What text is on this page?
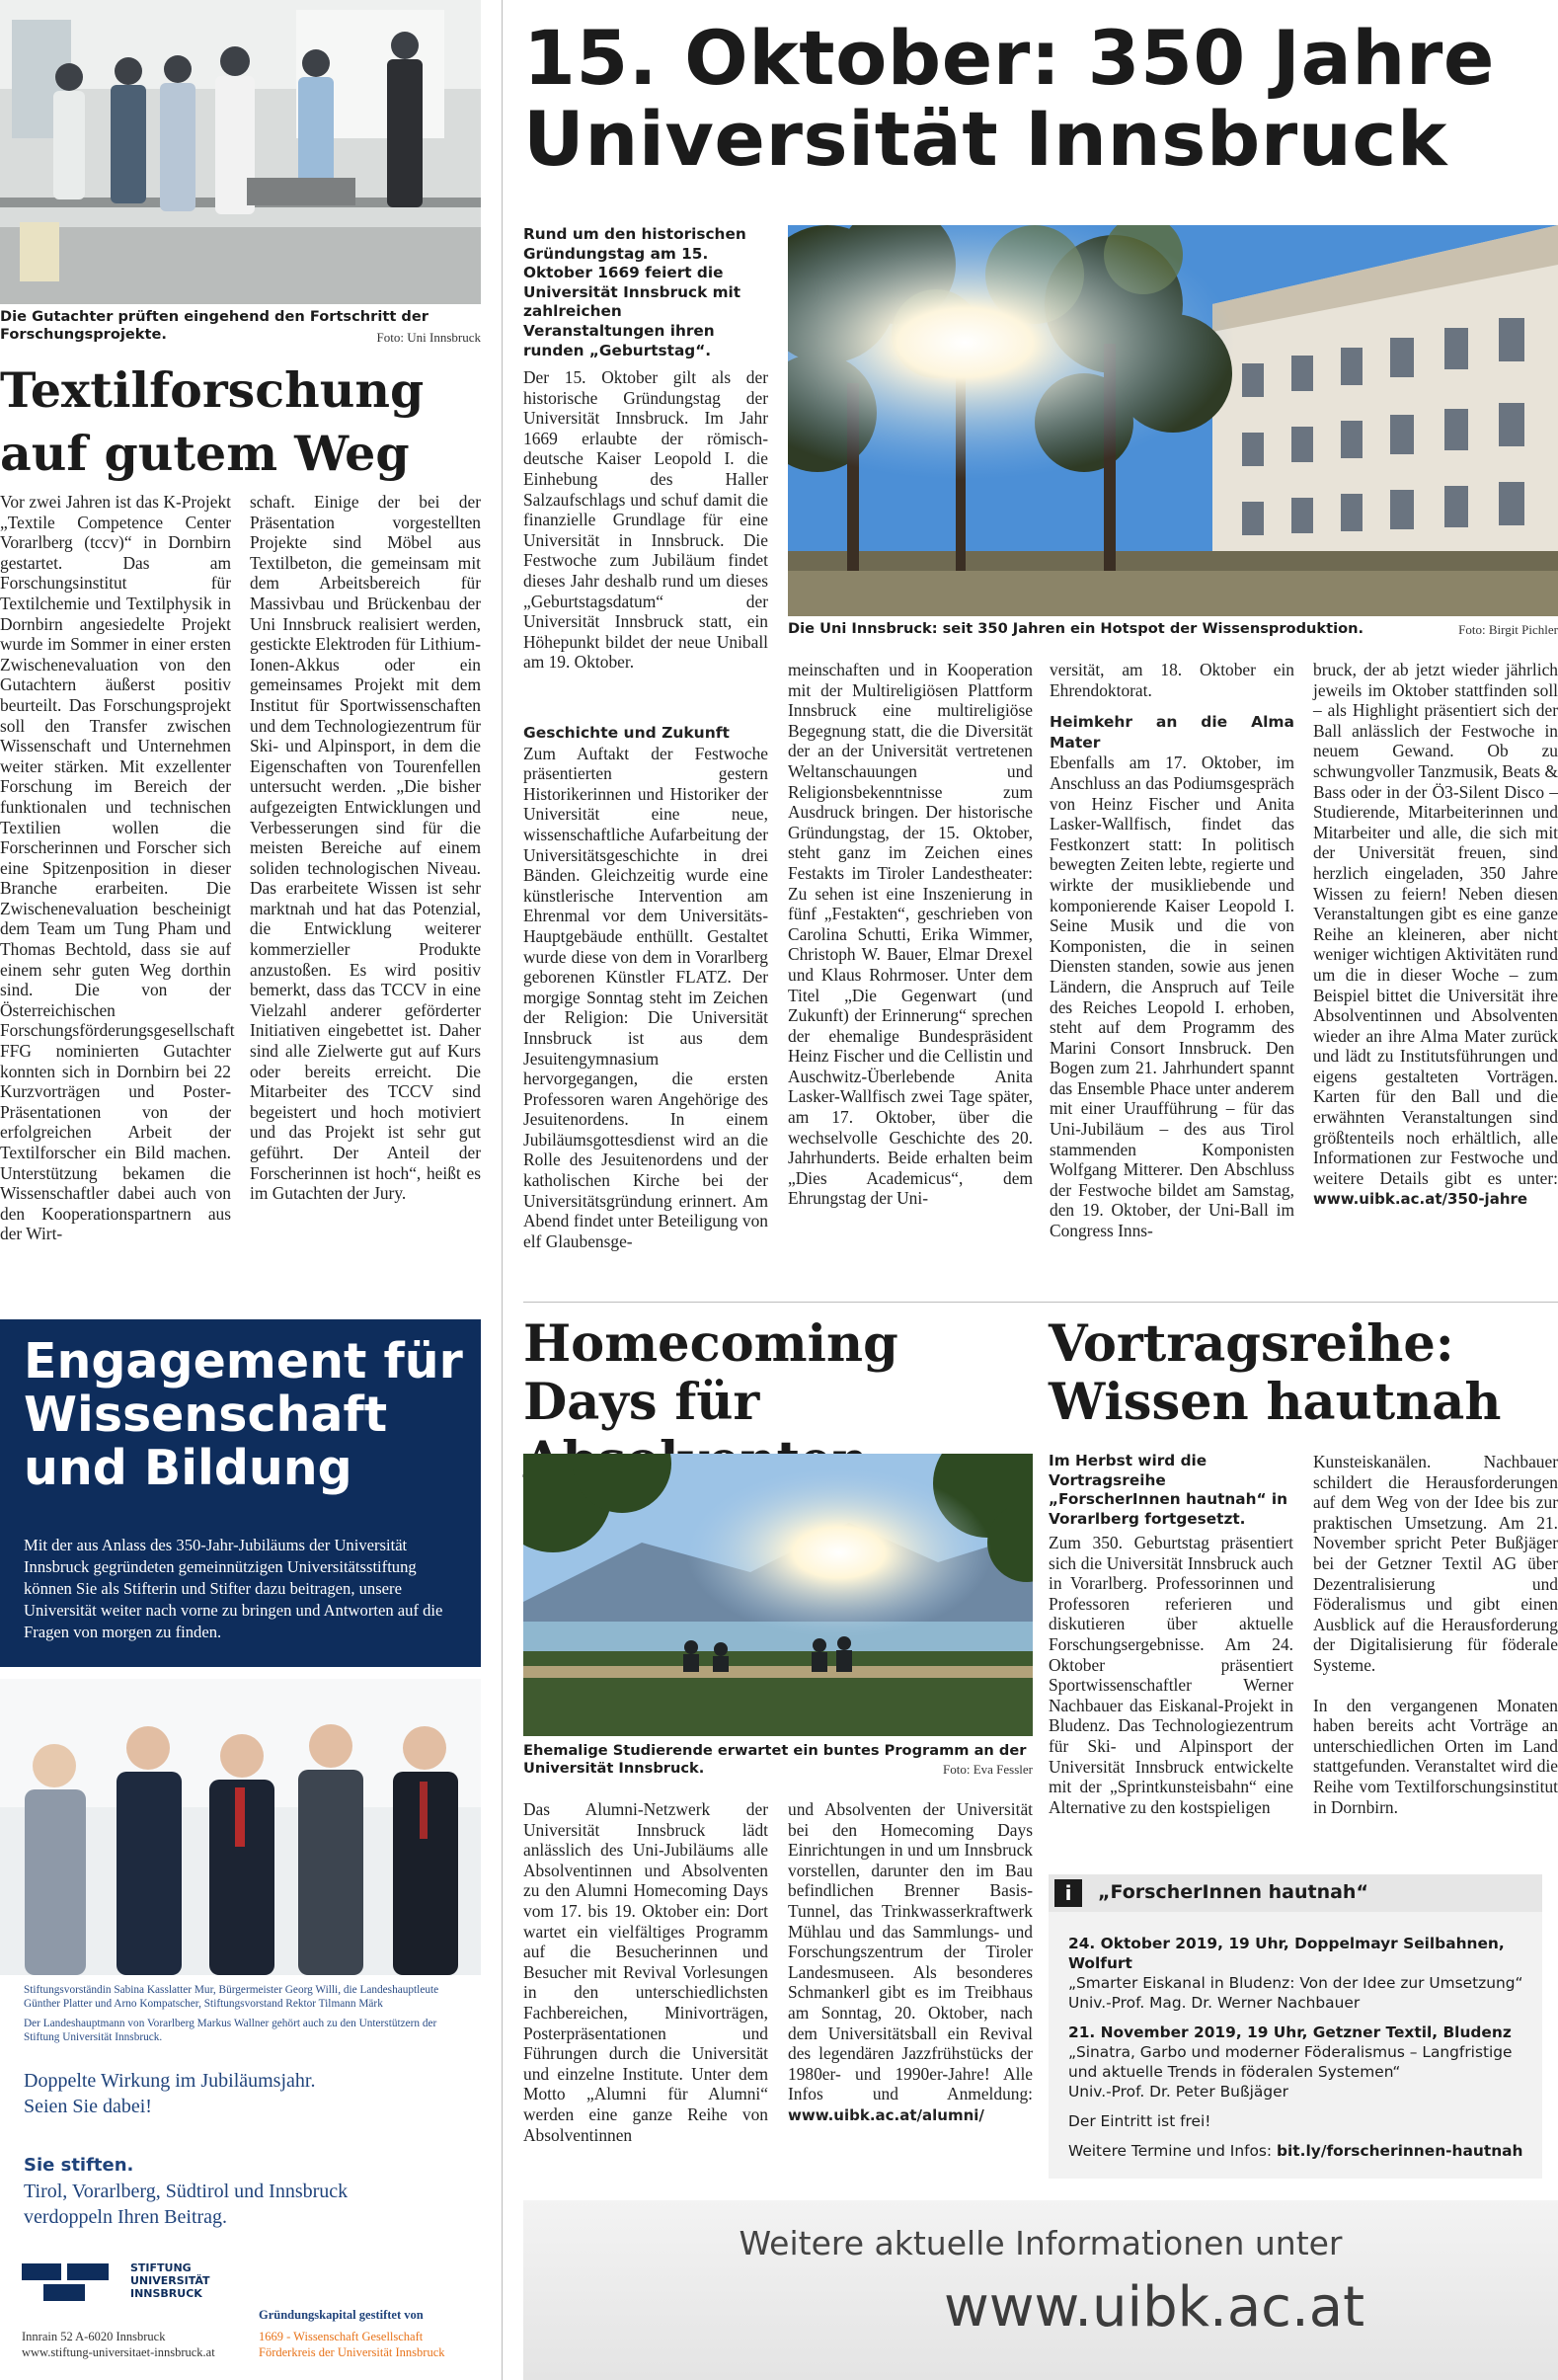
Die Gutachter prüften eingehend den Fortschritt der Forschungsprojekte.	Foto: Uni Innsbruck
Textilforschung auf gutem Weg

Vor zwei Jahren ist das K-Projekt „Textile Competence Center Vorarlberg (tccv)“ in Dornbirn gestartet. Das am Forschungsinstitut für Textilchemie und Textilphysik in Dornbirn angesiedelte Projekt wurde im Sommer in einer ersten Zwischenevaluation von den Gutachtern äußerst positiv beurteilt. Das Forschungsprojekt soll den Transfer zwischen Wissenschaft und Unternehmen weiter stärken. Mit exzellenter Forschung im Bereich der funktionalen und technischen Textilien wollen die Forscherinnen und Forscher sich eine Spitzenposition in dieser Branche erarbeiten. Die Zwischenevaluation bescheinigt dem Team um Tung Pham und Thomas Bechtold, dass sie auf einem sehr guten Weg dorthin sind. Die von der Österreichischen Forschungsförderungsgesellschaft FFG nominierten Gutachter konnten sich in Dornbirn bei 22 Kurzvorträgen und Poster-Präsentationen von der erfolgreichen Arbeit der Textilforscher ein Bild machen. Unterstützung bekamen die Wissenschaftler dabei auch von den Kooperationspartnern aus der Wirt-

schaft. Einige der bei der Präsentation vorgestellten Projekte sind Möbel aus Textilbeton, die gemeinsam mit dem Arbeitsbereich für Massivbau und Brückenbau der Uni Innsbruck realisiert werden, gestickte Elektroden für Lithium-Ionen-Akkus oder ein gemeinsames Projekt mit dem Institut für Sportwissenschaften und dem Technologiezentrum für Ski- und Alpinsport, in dem die Eigenschaften von Tourenfellen untersucht werden. „Die bisher aufgezeigten Entwicklungen und Verbesserungen sind für die meisten Bereiche auf einem soliden technologischen Niveau. Das erarbeitete Wissen ist sehr marktnah und hat das Potenzial, die Entwicklung weiterer kommerzieller Produkte anzustoßen. Es wird positiv bemerkt, dass das TCCV in eine Vielzahl anderer geförderter Initiativen eingebettet ist. Daher sind alle Zielwerte gut auf Kurs oder bereits erreicht. Die Mitarbeiter des TCCV sind begeistert und hoch motiviert und das Projekt ist sehr gut geführt. Der Anteil der Forscherinnen ist hoch“, heißt es im Gutachten der Jury.

15. Oktober: 350 Jahre Universität Innsbruck
Rund um den historischen Gründungstag am 15. Oktober 1669 feiert die Universität Innsbruck mit zahlreichen Veranstaltungen ihren runden „Geburtstag“.

Der 15. Oktober gilt als der historische Gründungstag der Universität Innsbruck. Im Jahr 1669 erlaubte der römisch-deutsche Kaiser Leopold I. die Einhebung des Haller Salzaufschlags und schuf damit die finanzielle Grundlage für eine Universität in Innsbruck. Die Festwoche zum Jubiläum findet dieses Jahr deshalb rund um dieses „Geburtstagsdatum“ der Universität Innsbruck statt, ein Höhepunkt bildet der neue Uniball am 19. Oktober.

Die Uni Innsbruck: seit 350 Jahren ein Hotspot der Wissensproduktion.	Foto: Birgit Pichler
Geschichte und Zukunft

Zum Auftakt der Festwoche präsentierten gestern Historikerinnen und Historiker der Universität eine neue, wissenschaftliche Aufarbeitung der Universitätsgeschichte in drei Bänden. Gleichzeitig wurde eine künstlerische Intervention am Ehrenmal vor dem Universitäts-Hauptgebäude enthüllt. Gestaltet wurde diese von dem in Vorarlberg geborenen Künstler FLATZ. Der morgige Sonntag steht im Zeichen der Religion: Die Universität Innsbruck ist aus dem Jesuitengymnasium hervorgegangen, die ersten Professoren waren Angehörige des Jesuitenordens. In einem Jubiläumsgottesdienst wird an die Rolle des Jesuitenordens und der katholischen Kirche bei der Universitätsgründung erinnert. Am Abend findet unter Beteiligung von elf Glaubensge-

meinschaften und in Kooperation mit der Multireligiösen Plattform Innsbruck eine multireligiöse Begegnung statt, die die Diversität der an der Universität vertretenen Weltanschauungen und Religionsbekenntnisse zum Ausdruck bringen. Der historische Gründungstag, der 15. Oktober, steht ganz im Zeichen eines Festakts im Tiroler Landestheater: Zu sehen ist eine Inszenierung in fünf „Festakten“, geschrieben von Carolina Schutti, Erika Wimmer, Christoph W. Bauer, Elmar Drexel und Klaus Rohrmoser. Unter dem Titel „Die Gegenwart (und Zukunft) der Erinnerung“ sprechen der ehemalige Bundespräsident Heinz Fischer und die Cellistin und Auschwitz-Überlebende Anita Lasker-Wallfisch zwei Tage später, am 17. Oktober, über die wechselvolle Geschichte des 20. Jahrhunderts. Beide erhalten beim „Dies Academicus“, dem Ehrungstag der Uni-

versität, am 18. Oktober ein Ehrendoktorat.

Heimkehr an die Alma Mater

Ebenfalls am 17. Oktober, im Anschluss an das Podiumsgespräch von Heinz Fischer und Anita Lasker-Wallfisch, findet das Festkonzert statt: In politisch bewegten Zeiten lebte, regierte und wirkte der musikliebende und komponierende Kaiser Leopold I. Seine Musik und die von Komponisten, die in seinen Diensten standen, sowie aus jenen Ländern, die Anspruch auf Teile des Reiches Leopold I. erhoben, steht auf dem Programm des Marini Consort Innsbruck. Den Bogen zum 21. Jahrhundert spannt das Ensemble Phace unter anderem mit einer Uraufführung – für das Uni-Jubiläum – des aus Tirol stammenden Komponisten Wolfgang Mitterer. Den Abschluss der Festwoche bildet am Samstag, den 19. Oktober, der Uni-Ball im Congress Inns-

bruck, der ab jetzt wieder jährlich jeweils im Oktober stattfinden soll – als Highlight präsentiert sich der Ball anlässlich der Festwoche in neuem Gewand. Ob zu schwungvoller Tanzmusik, Beats & Bass oder in der Ö3-Silent Disco – Studierende, Mitarbeiterinnen und Mitarbeiter und alle, die sich mit der Universität freuen, sind herzlich eingeladen, 350 Jahre Wissen zu feiern! Neben diesen Veranstaltungen gibt es eine ganze Reihe an kleineren, aber nicht weniger wichtigen Aktivitäten rund um die in dieser Woche – zum Beispiel bittet die Universität ihre Absolventinnen und Absolventen wieder an ihre Alma Mater zurück und lädt zu Institutsführungen und eigens gestalteten Vorträgen. Karten für den Ball und die erwähnten Veranstaltungen sind größtenteils noch erhältlich, alle Informationen zur Festwoche und weitere Details gibt es unter: www.uibk.ac.at/350-jahre

Engagement für Wissenschaft und Bildung
Mit der aus Anlass des 350-Jahr-Jubiläums der Universität Innsbruck gegründeten gemeinnützigen Universitätsstiftung können Sie als Stifterin und Stifter dazu beitragen, unsere Universität weiter nach vorne zu bringen und Antworten auf die Fragen von morgen zu finden.
Stiftungsvorständin Sabina Kasslatter Mur, Bürgermeister Georg Willi, die Landeshauptleute Günther Platter und Arno Kompatscher, Stiftungsvorstand Rektor Tilmann Märk
Der Landeshauptmann von Vorarlberg Markus Wallner gehört auch zu den Unterstützern der Stiftung Universität Innsbruck.
Doppelte Wirkung im Jubiläumsjahr.
Seien Sie dabei!
Sie stiften.
Tirol, Vorarlberg, Südtirol und Innsbruck
verdoppeln Ihren Beitrag.
STIFTUNG
UNIVERSITÄT
INNSBRUCK
Innrain 52 A-6020 Innsbruck
www.stiftung-universitaet-innsbruck.at
Gründungskapital gestiftet von
1669 - Wissenschaft Gesellschaft
Förderkreis der Universität Innsbruck
Homecoming Days für
Ehemalige Studierende erwartet ein buntes Programm an der Universität Innsbruck.	Foto: Eva Fessler

Das Alumni-Netzwerk der Universität Innsbruck lädt anlässlich des Uni-Jubiläums alle Absolventinnen und Absolventen zu den Alumni Homecoming Days vom 17. bis 19. Oktober ein: Dort wartet ein vielfältiges Programm auf die Besucherinnen und Besucher mit Revival Vorlesungen in den unterschiedlichsten Fachbereichen, Minivorträgen, Posterpräsentationen und Führungen durch die Universität und einzelne Institute. Unter dem Motto „Alumni für Alumni“ werden eine ganze Reihe von Absolventinnen

und Absolventen der Universität bei den Homecoming Days Einrichtungen in und um Innsbruck vorstellen, darunter den im Bau befindlichen Brenner Basis-Tunnel, das Trinkwasserkraftwerk Mühlau und das Sammlungs- und Forschungszentrum der Tiroler Landesmuseen. Als besonderes Schmankerl gibt es im Treibhaus am Sonntag, 20. Oktober, nach dem Universitätsball ein Revival des legendären Jazzfrühstücks der 1980er- und 1990er-Jahre! Alle Infos und Anmeldung: www.uibk.ac.at/alumni/

Vortragsreihe: Wissen hautnah
Im Herbst wird die Vortragsreihe „ForscherInnen hautnah“ in Vorarlberg fortgesetzt.

Zum 350. Geburtstag präsentiert sich die Universität Innsbruck auch in Vorarlberg. Professorinnen und Professoren referieren und diskutieren über aktuelle Forschungsergebnisse. Am 24. Oktober präsentiert Sportwissenschaftler Werner Nachbauer das Eiskanal-Projekt in Bludenz. Das Technologiezentrum für Ski- und Alpinsport der Universität Innsbruck entwickelte mit der „Sprintkunsteisbahn“ eine Alternative zu den kostspieligen

Kunsteiskanälen. Nachbauer schildert die Herausforderungen auf dem Weg von der Idee bis zur praktischen Umsetzung. Am 21. November spricht Peter Bußjäger bei der Getzner Textil AG über Dezentralisierung und Föderalismus und gibt einen Ausblick auf die Herausforderung der Digitalisierung für föderale Systeme.

In den vergangenen Monaten haben bereits acht Vorträge an unterschiedlichen Orten im Land stattgefunden. Veranstaltet wird die Reihe vom Textilforschungsinstitut in Dornbirn.

i	„ForscherInnen hautnah“
24. Oktober 2019, 19 Uhr, Doppelmayr Seilbahnen, Wolfurt
„Smarter Eiskanal in Bludenz: Von der Idee zur Umsetzung“
Univ.-Prof. Mag. Dr. Werner Nachbauer
21. November 2019, 19 Uhr, Getzner Textil, Bludenz
„Sinatra, Garbo und moderner Föderalismus – Langfristige und aktuelle Trends in föderalen Systemen“
Univ.-Prof. Dr. Peter Bußjäger
Der Eintritt ist frei!
Weitere Termine und Infos: bit.ly/forscherinnen-hautnah
Weitere aktuelle Informationen unter
www.uibk.ac.at
